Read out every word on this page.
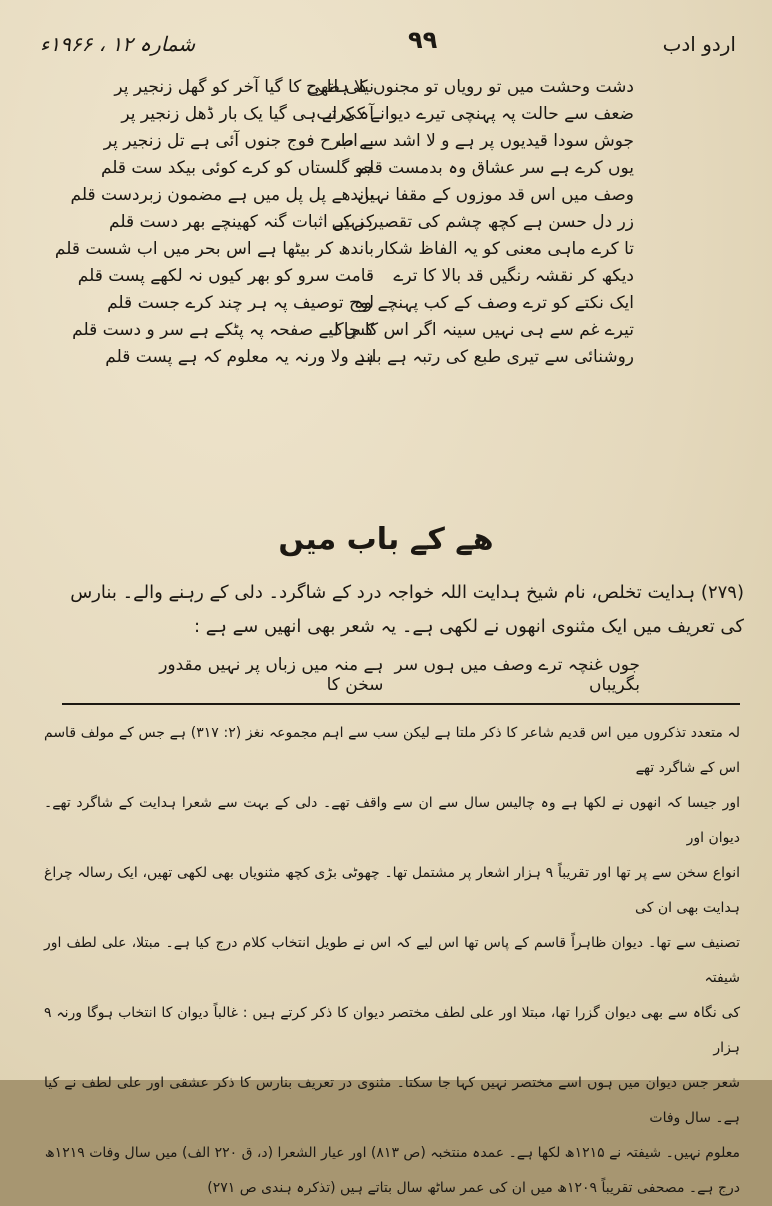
شمارہ ۱۲ ، ۱۹۶۶ء	۹۹	اردو ادب
دشت وحشت میں تو رویاں تو مجنوں کی طرح
نیلا ہاتھی کا گیا آخر کو گھل زنجیر پر
ضعف سے حالت پہ پہنچی تیرے دیوانے کی اب
آہ کرتے ہی گیا یک بار ڈھل زنجیر پر
جوش سودا قیدیوں پر ہے و لا اشد سے اب
بے طرح فوج جنوں آئی ہے تل زنجیر پر
یوں کرے ہے سر عشاق وہ بدمست قلم
جو گلستاں کو کرے کوئی بیکد ست قلم
وصف میں اس قد موزوں کے مقفا نہیں
باندھے پل پل میں ہے مضمون زبردست قلم
زر دل حسن ہے کچھ چشم کی تقصیر نہیں
کر کے اثبات گنہ کھینچے بھر دست قلم
تا کرے ماہی معنی کو یہ الفاظ شکار
باندھ کر بیٹھا ہے اس بحر میں اب شست قلم
دیکھ کر نقشہ رنگیں قد بالا کا ترے
قامت سرو کو بھر کیوں نہ لکھے پست قلم
ایک نکتے کو ترے وصف کے کب پہنچے وہ
لوح توصیف پہ ہر چند کرے جست قلم
تیرے غم سے ہی نہیں سینہ اگر اس کا چاک
کس لیے صفحہ پہ پٹکے ہے سر و دست قلم
روشنائی سے تیری طبع کی رتبہ ہے بلند
ہے ولا ورنہ یہ معلوم کہ ہے پست قلم
ھے کے باب میں

(۲۷۹) ہدایت تخلص، نام شیخ ہدایت اللہ خواجہ درد کے شاگرد۔ دلی کے رہنے والے۔ بنارس

کی تعریف میں ایک مثنوی انھوں نے لکھی ہے۔ یہ شعر بھی انھیں سے ہے :

جوں غنچہ ترے وصف میں ہوں سر بگریباں
ہے منہ میں زباں پر نہیں مقدور سخن کا

لہ متعدد تذکروں میں اس قدیم شاعر کا ذکر ملتا ہے لیکن سب سے اہم مجموعہ نغز (۲: ۳۱۷) ہے جس کے مولف قاسم اس کے شاگرد تھے

اور جیسا کہ انھوں نے لکھا ہے وہ چالیس سال سے ان سے واقف تھے۔ دلی کے بہت سے شعرا ہدایت کے شاگرد تھے۔ دیوان اور

انواع سخن سے پر تھا اور تقریباً ۹ ہزار اشعار پر مشتمل تھا۔ چھوٹی بڑی کچھ مثنویاں بھی لکھی تھیں، ایک رسالہ چراغ ہدایت بھی ان کی

تصنیف سے تھا۔ دیوان ظاہراً قاسم کے پاس تھا اس لیے کہ اس نے طویل انتخاب کلام درج کیا ہے۔ مبتلا، علی لطف اور شیفتہ

کی نگاہ سے بھی دیوان گزرا تھا، مبتلا اور علی لطف مختصر دیوان کا ذکر کرتے ہیں : غالباً دیوان کا انتخاب ہوگا ورنہ ۹ ہزار

شعر جس دیوان میں ہوں اسے مختصر نہیں کہا جا سکتا۔ مثنوی در تعریف بنارس کا ذکر عشقی اور علی لطف نے کیا ہے۔ سال وفات

معلوم نہیں۔ شیفتہ نے ۱۲۱۵ھ لکھا ہے۔ عمدہ منتخبہ (ص ۸۱۳) اور عیار الشعرا (د، ق ۲۲۰ الف) میں سال وفات ۱۲۱۹ھ

درج ہے۔ مصحفی تقریباً ۱۲۰۹ھ میں ان کی عمر ساٹھ سال بتاتے ہیں (تذکرہ ہندی ص ۲۷۱)
